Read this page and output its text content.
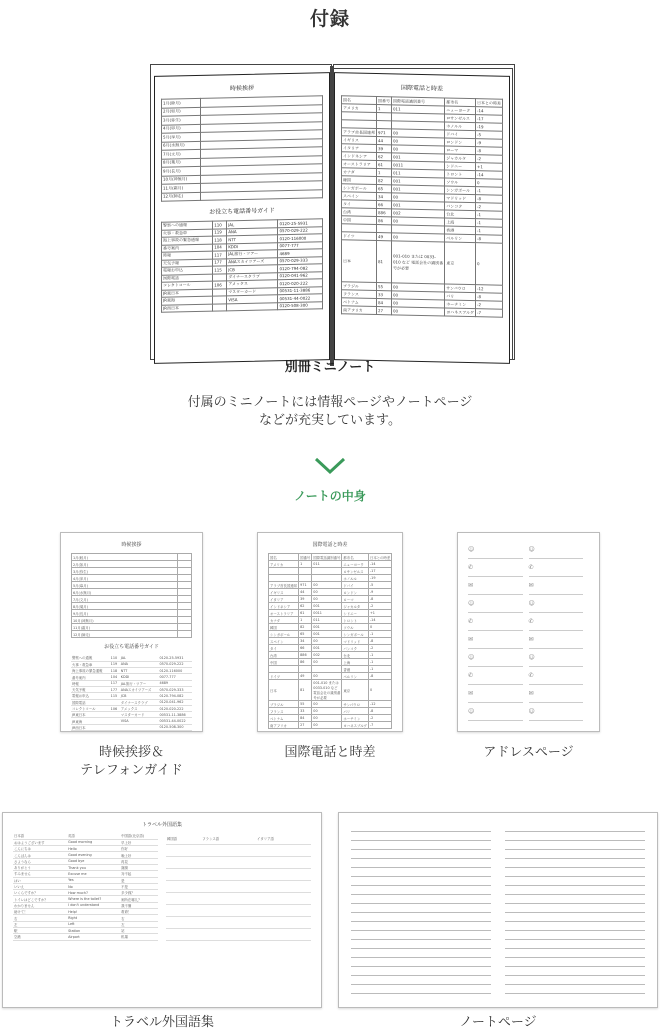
付録
時候挨拶
1月(睦月)	
2月(如月)	
3月(弥生)	
4月(卯月)	
5月(皐月)	
6月(水無月)	
7月(文月)	
8月(葉月)	
9月(長月)	
10月(神無月)	
11月(霜月)	
12月(師走)	
お役立ち電話番号ガイド
警察への通報	110	JAL	0120-25-5931
火事・救急車	119	ANA	0570-029-222
海上事故の緊急通報	118	NTT	0120-116000
番号案内	104	KDDI	0077-777
時報	117	JAL旅行・ツアー	4689
天気予報	177	ANAスカイツアーズ	0570-029-333
電報お申込	115	JCB	0120-794-082
国際電話		ダイナースクラブ	0120-041-962
コレクトコール	106	アメックス	0120-020-222
JR東日本		マスターカード	00531-11-3886
JR東海		VISA	00531-44-0022
JR西日本			0120-508-300
国際電話と時差
国名	国番号	国際電話識別番号	都市名	日本との時差
アメリカ	1	011	ニューヨーク	-14
			ロサンゼルス	-17
			ホノルル	-19
アラブ首長国連邦	971	00	ドバイ	-5
イギリス	44	00	ロンドン	-9
イタリア	39	00	ローマ	-8
インドネシア	62	001	ジャカルタ	-2
オーストラリア	61	0011	シドニー	+1
カナダ	1	011	トロント	-14
韓国	82	001	ソウル	0
シンガポール	65	001	シンガポール	-1
スペイン	34	00	マドリッド	-8
タイ	66	001	バンコク	-2
台湾	886	002	台北	-1
中国	86	00	上海	-1
			香港	-1
ドイツ	49	00	ベルリン	-8
日本	81	001-010 または 0033-010 など 電話会社の識別番号が必要	東京	0
ブラジル	55	00	サンパウロ	-12
フランス	33	00	パリ	-8
ベトナム	84	00	ホーチミン	-2
南アフリカ	27	00	ヨハネスブルグ	-7
別冊ミニノート
付属のミニノートには情報ページやノートページ
などが充実しています。
ノートの中身
時候挨拶
1月(睦月)	
2月(如月)	
3月(弥生)	
4月(卯月)	
5月(皐月)	
6月(水無月)	
7月(文月)	
8月(葉月)	
9月(長月)	
10月(神無月)	
11月(霜月)	
12月(師走)	
お役立ち電話番号ガイド
警察への通報	110	JAL	0120-25-5931
火事・救急車	119	ANA	0570-029-222
海上事故の緊急通報	118	NTT	0120-116000
番号案内	104	KDDI	0077-777
時報	117	JAL旅行・ツアー	4689
天気予報	177	ANAスカイツアーズ	0570-029-333
電報お申込	115	JCB	0120-794-082
国際電話		ダイナースクラブ	0120-041-962
コレクトコール	106	アメックス	0120-020-222
JR東日本		マスターカード	00531-11-3886
JR東海		VISA	00531-44-0022
JR西日本			0120-508-300
時候挨拶＆
テレフォンガイド
国際電話と時差
国名	国番号	国際電話識別番号	都市名	日本との時差
アメリカ	1	011	ニューヨーク	-14
			ロサンゼルス	-17
			ホノルル	-19
アラブ首長国連邦	971	00	ドバイ	-5
イギリス	44	00	ロンドン	-9
イタリア	39	00	ローマ	-8
インドネシア	62	001	ジャカルタ	-2
オーストラリア	61	0011	シドニー	+1
カナダ	1	011	トロント	-14
韓国	82	001	ソウル	0
シンガポール	65	001	シンガポール	-1
スペイン	34	00	マドリッド	-8
タイ	66	001	バンコク	-2
台湾	886	002	台北	-1
中国	86	00	上海	-1
			香港	-1
ドイツ	49	00	ベルリン	-8
日本	81	001-010 または 0033-010 など 電話会社の識別番号が必要	東京	0
ブラジル	55	00	サンパウロ	-12
フランス	33	00	パリ	-8
ベトナム	84	00	ホーチミン	-2
南アフリカ	27	00	ヨハネスブルグ	-7
国際電話と時差
☺
✆
✉
☺
✆
✉
☺
✆
✉
☺
☺
✆
✉
☺
✆
✉
☺
✆
✉
☺
アドレスページ
トラベル外国語集
日本語	英語	中国語(北京語)
おはようございます	Good morning	早上好
こんにちは	Hello	你好
こんばんは	Good evening	晩上好
さようなら	Good bye	再見
ありがとう	Thank you	謝謝
すみません	Excuse me	対不起
はい	Yes	是
いいえ	No	不是
いくらですか？	How much?	多少銭？
トイレはどこですか？	Where is the toilet?	厠所在哪儿？
わかりません	I don't understand	我不懂
助けて！	Help!	救命！
右	Right	右
左	Left	左
駅	Station	站
空港	Airport	机場
韓国語	フランス語	イタリア語

トラベル外国語集	ノートページ
